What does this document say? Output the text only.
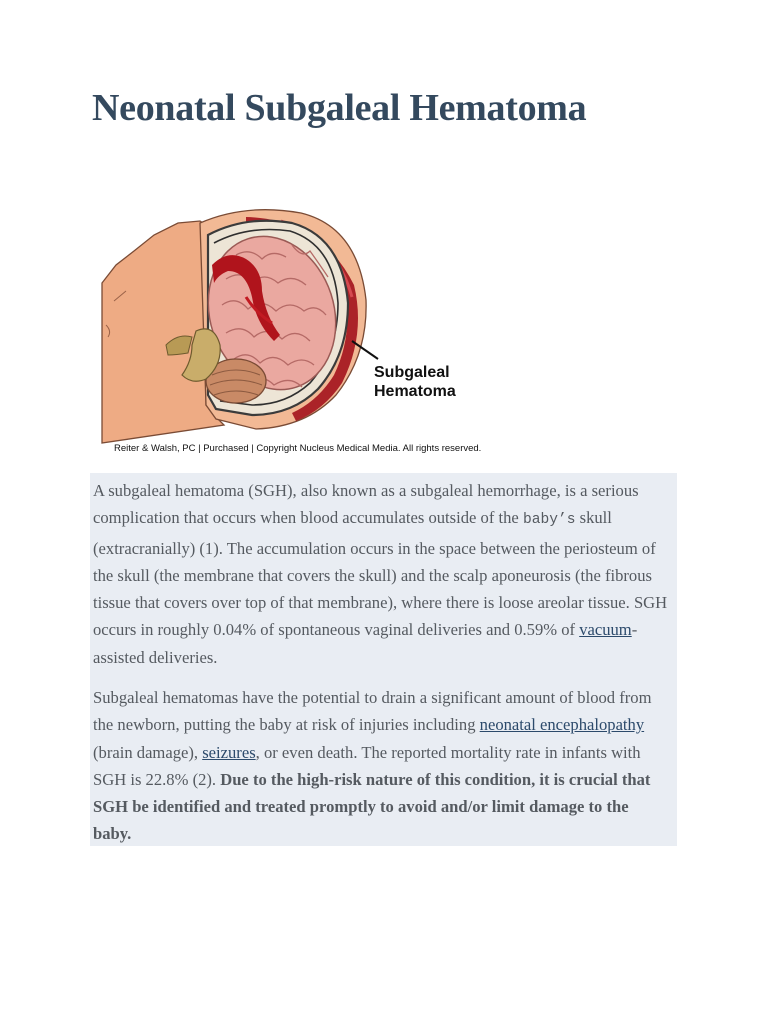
Neonatal Subgaleal Hematoma
Subgaleal
Hematoma
Reiter & Walsh, PC | Purchased | Copyright Nucleus Medical Media. All rights reserved.

A subgaleal hematoma (SGH), also known as a subgaleal hemorrhage, is a serious complication that occurs when blood accumulates outside of the baby’s skull (extracranially) (1). The accumulation occurs in the space between the periosteum of the skull (the membrane that covers the skull) and the scalp aponeurosis (the fibrous tissue that covers over top of that membrane), where there is loose areolar tissue. SGH occurs in roughly 0.04% of spontaneous vaginal deliveries and 0.59% of vacuum-assisted deliveries.

Subgaleal hematomas have the potential to drain a significant amount of blood from the newborn, putting the baby at risk of injuries including neonatal encephalopathy (brain damage), seizures, or even death. The reported mortality rate in infants with SGH is 22.8% (2). Due to the high-risk nature of this condition, it is crucial that SGH be identified and treated promptly to avoid and/or limit damage to the baby.
